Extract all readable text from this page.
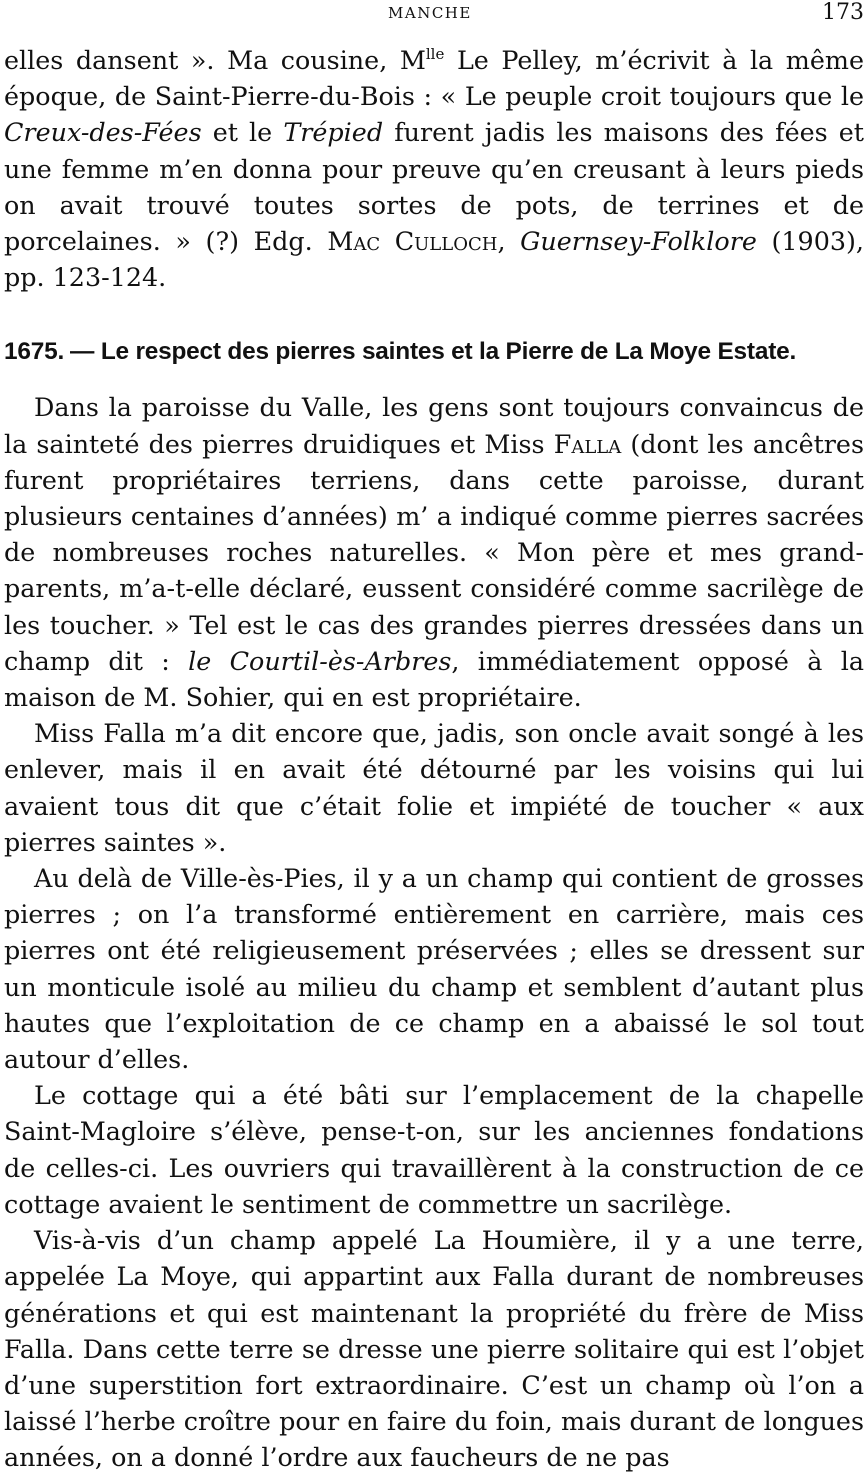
MANCHE	173

elles dansent ». Ma cousine, $M^{lle}$ Le Pelley, m’écrivit à la même époque, de Saint-Pierre-du-Bois : « Le peuple croit toujours que le Creux-des-Fées et le Trépied furent jadis les maisons des fées et une femme m’en donna pour preuve qu’en creusant à leurs pieds on avait trouvé toutes sortes de pots, de terrines et de porcelaines. » (?) Edg. Mac Culloch, Guernsey-Folklore (1903), pp. 123-124.

1675. — Le respect des pierres saintes et la Pierre de La Moye Estate.

Dans la paroisse du Valle, les gens sont toujours convaincus de la sainteté des pierres druidiques et Miss Falla (dont les ancêtres furent propriétaires terriens, dans cette paroisse, durant plusieurs centaines d’années) m’ a indiqué comme pierres sacrées de nombreuses roches naturelles. « Mon père et mes grand-parents, m’a-t-elle déclaré, eussent considéré comme sacrilège de les toucher. » Tel est le cas des grandes pierres dressées dans un champ dit : le Courtil-ès-Arbres, immédiatement opposé à la maison de M. Sohier, qui en est propriétaire.

Miss Falla m’a dit encore que, jadis, son oncle avait songé à les enlever, mais il en avait été détourné par les voisins qui lui avaient tous dit que c’était folie et impiété de toucher « aux pierres saintes ».

Au delà de Ville-ès-Pies, il y a un champ qui contient de grosses pierres ; on l’a transformé entièrement en carrière, mais ces pierres ont été religieusement préservées ; elles se dressent sur un monticule isolé au milieu du champ et semblent d’autant plus hautes que l’exploitation de ce champ en a abaissé le sol tout autour d’elles.

Le cottage qui a été bâti sur l’emplacement de la chapelle Saint-Magloire s’élève, pense-t-on, sur les anciennes fondations de celles-ci. Les ouvriers qui travaillèrent à la construction de ce cottage avaient le sentiment de commettre un sacrilège.

Vis-à-vis d’un champ appelé La Houmière, il y a une terre, appelée La Moye, qui appartint aux Falla durant de nombreuses générations et qui est maintenant la propriété du frère de Miss Falla. Dans cette terre se dresse une pierre solitaire qui est l’objet d’une superstition fort extraordinaire. C’est un champ où l’on a laissé l’herbe croître pour en faire du foin, mais durant de longues années, on a donné l’ordre aux faucheurs de ne pas
